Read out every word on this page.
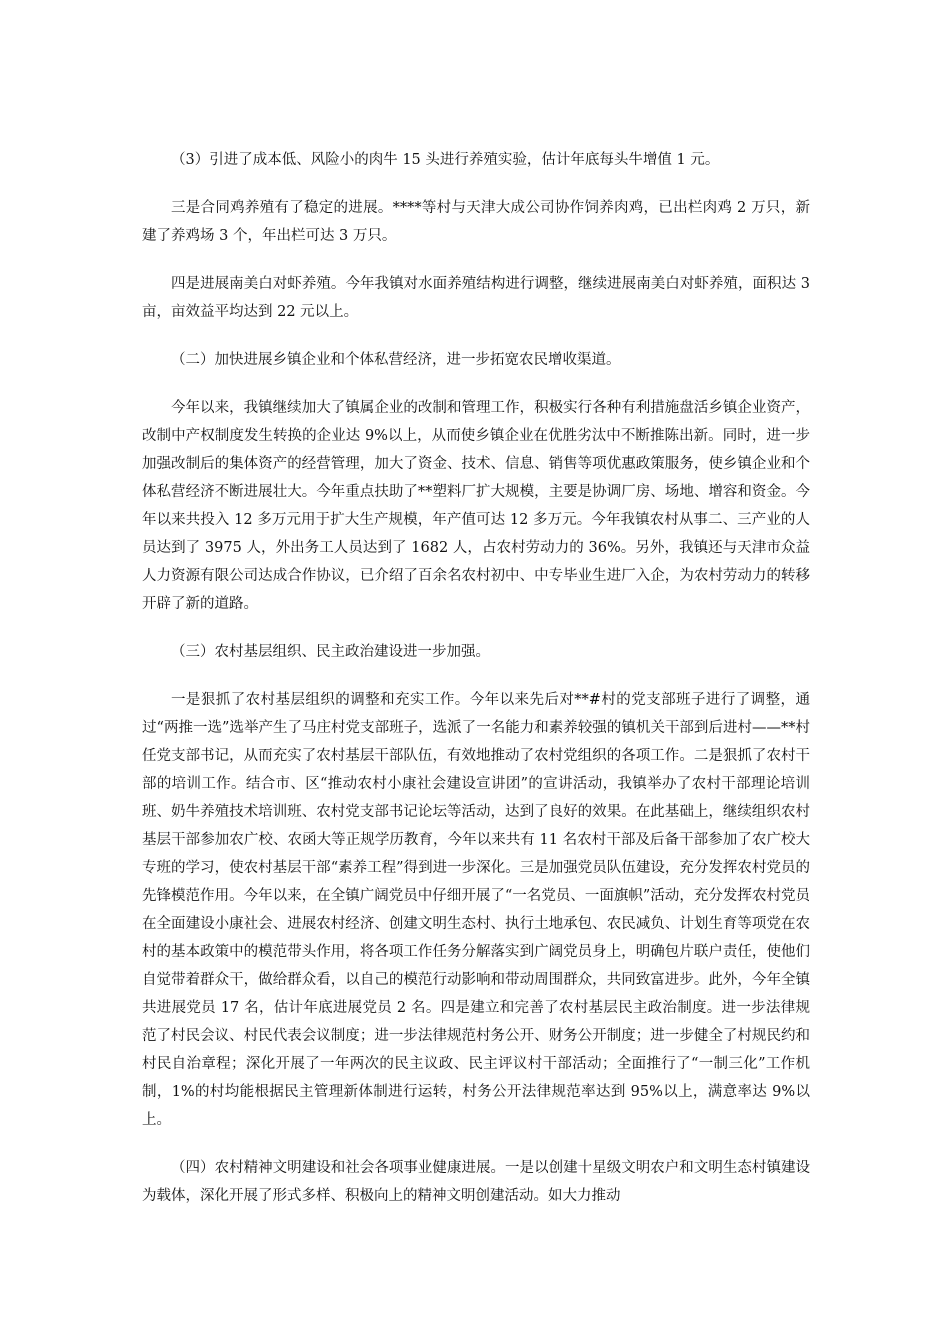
（3）引进了成本低、风险小的肉牛 15 头进行养殖实验，估计年底每头牛增值 1 元。

三是合同鸡养殖有了稳定的进展。****等村与天津大成公司协作饲养肉鸡，已出栏肉鸡 2 万只，新建了养鸡场 3 个，年出栏可达 3 万只。

四是进展南美白对虾养殖。今年我镇对水面养殖结构进行调整，继续进展南美白对虾养殖，面积达 3 亩，亩效益平均达到 22 元以上。

（二）加快进展乡镇企业和个体私营经济，进一步拓宽农民增收渠道。

今年以来，我镇继续加大了镇属企业的改制和管理工作，积极实行各种有利措施盘活乡镇企业资产，改制中产权制度发生转换的企业达 9%以上，从而使乡镇企业在优胜劣汰中不断推陈出新。同时，进一步加强改制后的集体资产的经营管理，加大了资金、技术、信息、销售等项优惠政策服务，使乡镇企业和个体私营经济不断进展壮大。今年重点扶助了**塑料厂扩大规模，主要是协调厂房、场地、增容和资金。今年以来共投入 12 多万元用于扩大生产规模，年产值可达 12 多万元。今年我镇农村从事二、三产业的人员达到了 3975 人，外出务工人员达到了 1682 人，占农村劳动力的 36%。另外，我镇还与天津市众益人力资源有限公司达成合作协议，已介绍了百余名农村初中、中专毕业生进厂入企，为农村劳动力的转移开辟了新的道路。

（三）农村基层组织、民主政治建设进一步加强。

一是狠抓了农村基层组织的调整和充实工作。今年以来先后对**#村的党支部班子进行了调整，通过“两推一选”选举产生了马庄村党支部班子，选派了一名能力和素养较强的镇机关干部到后进村——**村任党支部书记，从而充实了农村基层干部队伍，有效地推动了农村党组织的各项工作。二是狠抓了农村干部的培训工作。结合市、区“推动农村小康社会建设宣讲团”的宣讲活动，我镇举办了农村干部理论培训班、奶牛养殖技术培训班、农村党支部书记论坛等活动，达到了良好的效果。在此基础上，继续组织农村基层干部参加农广校、农函大等正规学历教育，今年以来共有 11 名农村干部及后备干部参加了农广校大专班的学习，使农村基层干部“素养工程”得到进一步深化。三是加强党员队伍建设，充分发挥农村党员的先锋模范作用。今年以来，在全镇广阔党员中仔细开展了“一名党员、一面旗帜”活动，充分发挥农村党员在全面建设小康社会、进展农村经济、创建文明生态村、执行土地承包、农民减负、计划生育等项党在农村的基本政策中的模范带头作用，将各项工作任务分解落实到广阔党员身上，明确包片联户责任，使他们自觉带着群众干，做给群众看，以自己的模范行动影响和带动周围群众，共同致富进步。此外，今年全镇共进展党员 17 名，估计年底进展党员 2 名。四是建立和完善了农村基层民主政治制度。进一步法律规范了村民会议、村民代表会议制度；进一步法律规范村务公开、财务公开制度；进一步健全了村规民约和村民自治章程；深化开展了一年两次的民主议政、民主评议村干部活动；全面推行了“一制三化”工作机制，1%的村均能根据民主管理新体制进行运转，村务公开法律规范率达到 95%以上，满意率达 9%以上。

（四）农村精神文明建设和社会各项事业健康进展。一是以创建十星级文明农户和文明生态村镇建设为载体，深化开展了形式多样、积极向上的精神文明创建活动。如大力推动
